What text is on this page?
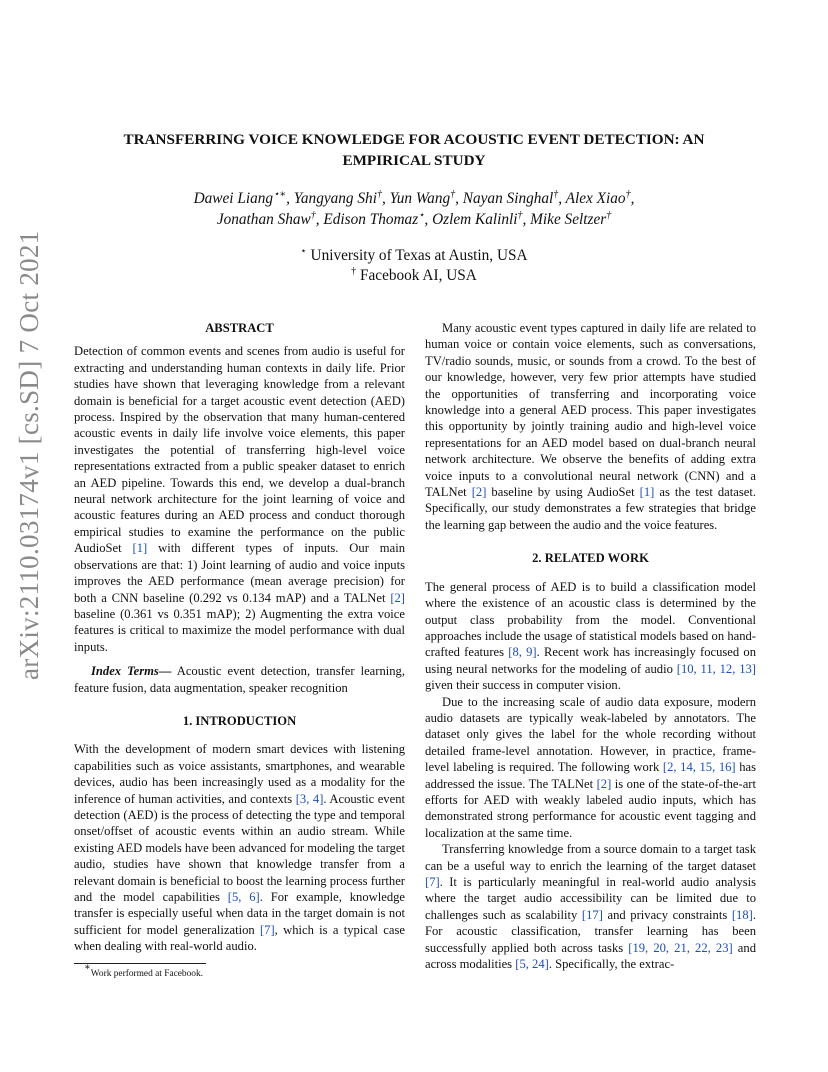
arXiv:2110.03174v1 [cs.SD] 7 Oct 2021
TRANSFERRING VOICE KNOWLEDGE FOR ACOUSTIC EVENT DETECTION: AN
EMPIRICAL STUDY
Dawei Liang⋆∗, Yangyang Shi†, Yun Wang†, Nayan Singhal†, Alex Xiao†,
Jonathan Shaw†, Edison Thomaz⋆, Ozlem Kalinli†, Mike Seltzer†
⋆ University of Texas at Austin, USA
† Facebook AI, USA

ABSTRACT

Detection of common events and scenes from audio is useful for extracting and understanding human contexts in daily life. Prior studies have shown that leveraging knowledge from a relevant domain is beneficial for a target acoustic event detection (AED) process. Inspired by the observation that many human-centered acoustic events in daily life involve voice elements, this paper investigates the potential of transferring high-level voice representations extracted from a public speaker dataset to enrich an AED pipeline. Towards this end, we develop a dual-branch neural network architecture for the joint learning of voice and acoustic features during an AED process and conduct thorough empirical studies to examine the performance on the public AudioSet [1] with different types of inputs. Our main observations are that: 1) Joint learning of audio and voice inputs improves the AED performance (mean average precision) for both a CNN baseline (0.292 vs 0.134 mAP) and a TALNet [2] baseline (0.361 vs 0.351 mAP); 2) Augmenting the extra voice features is critical to maximize the model performance with dual inputs.

Index Terms— Acoustic event detection, transfer learning, feature fusion, data augmentation, speaker recognition

1. INTRODUCTION

With the development of modern smart devices with listening capabilities such as voice assistants, smartphones, and wearable devices, audio has been increasingly used as a modality for the inference of human activities, and contexts [3, 4]. Acoustic event detection (AED) is the process of detecting the type and temporal onset/offset of acoustic events within an audio stream. While existing AED models have been advanced for modeling the target audio, studies have shown that knowledge transfer from a relevant domain is beneficial to boost the learning process further and the model capabilities [5, 6]. For example, knowledge transfer is especially useful when data in the target domain is not sufficient for model generalization [7], which is a typical case when dealing with real-world audio.

Many acoustic event types captured in daily life are related to human voice or contain voice elements, such as conversations, TV/radio sounds, music, or sounds from a crowd. To the best of our knowledge, however, very few prior attempts have studied the opportunities of transferring and incorporating voice knowledge into a general AED process. This paper investigates this opportunity by jointly training audio and high-level voice representations for an AED model based on dual-branch neural network architecture. We observe the benefits of adding extra voice inputs to a convolutional neural network (CNN) and a TALNet [2] baseline by using AudioSet [1] as the test dataset. Specifically, our study demonstrates a few strategies that bridge the learning gap between the audio and the voice features.

2. RELATED WORK

The general process of AED is to build a classification model where the existence of an acoustic class is determined by the output class probability from the model. Conventional approaches include the usage of statistical models based on hand-crafted features [8, 9]. Recent work has increasingly focused on using neural networks for the modeling of audio [10, 11, 12, 13] given their success in computer vision.

Due to the increasing scale of audio data exposure, modern audio datasets are typically weak-labeled by annotators. The dataset only gives the label for the whole recording without detailed frame-level annotation. However, in practice, frame-level labeling is required. The following work [2, 14, 15, 16] has addressed the issue. The TALNet [2] is one of the state-of-the-art efforts for AED with weakly labeled audio inputs, which has demonstrated strong performance for acoustic event tagging and localization at the same time.

Transferring knowledge from a source domain to a target task can be a useful way to enrich the learning of the target dataset [7]. It is particularly meaningful in real-world audio analysis where the target audio accessibility can be limited due to challenges such as scalability [17] and privacy constraints [18]. For acoustic classification, transfer learning has been successfully applied both across tasks [19, 20, 21, 22, 23] and across modalities [5, 24]. Specifically, the extrac-

∗Work performed at Facebook.
